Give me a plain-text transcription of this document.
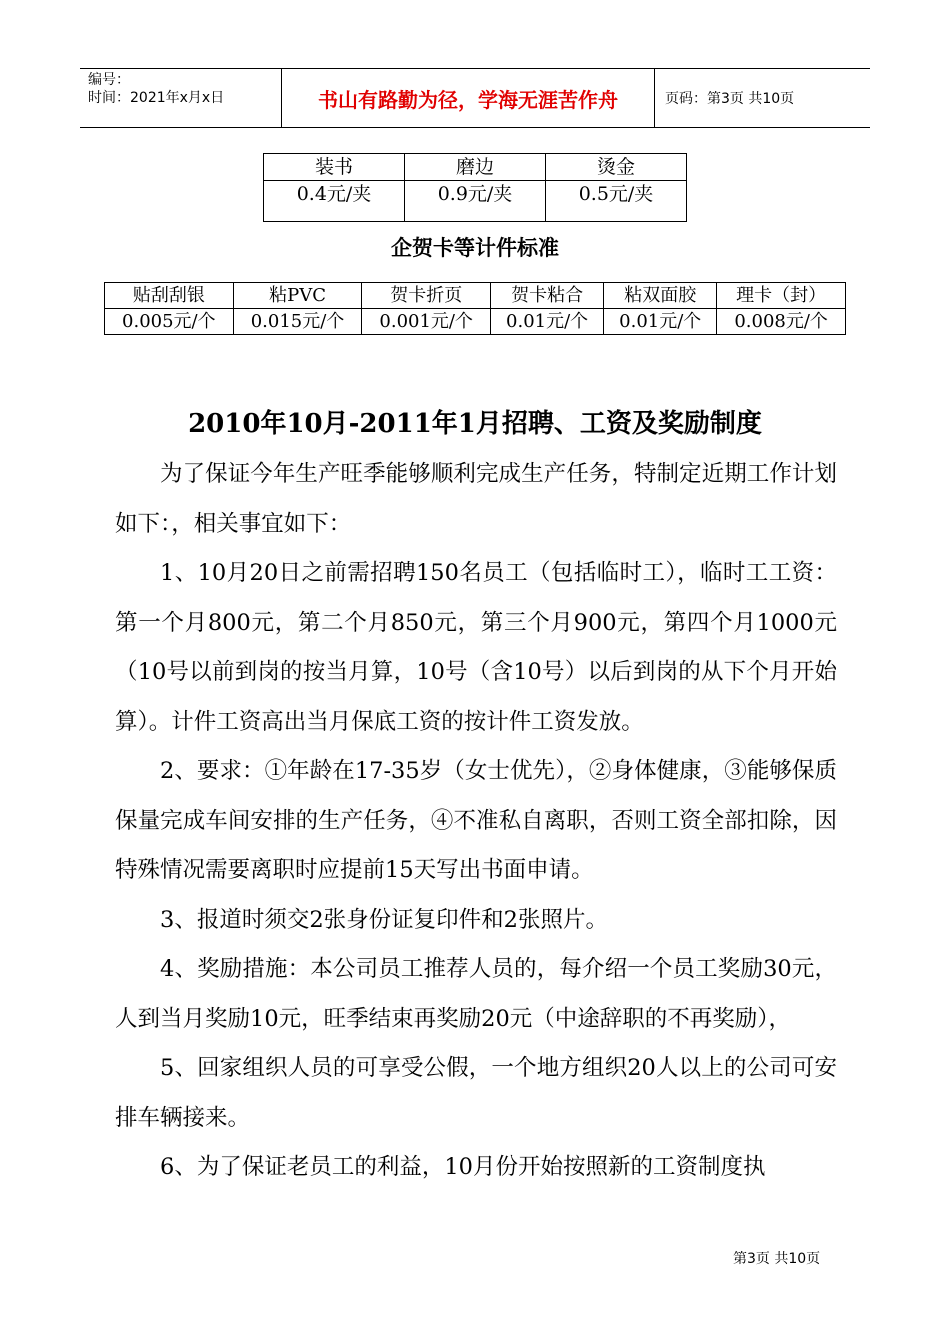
编号：
时间：2021年x月x日	书山有路勤为径，学海无涯苦作舟	页码：第3页 共10页
装书	磨边	烫金
0.4元/夹	0.9元/夹	0.5元/夹
企贺卡等计件标准
贴刮刮银	粘PVC	贺卡折页	贺卡粘合	粘双面胶	理卡（封）
0.005元/个	0.015元/个	0.001元/个	0.01元/个	0.01元/个	0.008元/个
2010年10月-2011年1月招聘、工资及奖励制度

为了保证今年生产旺季能够顺利完成生产任务，特制定近期工作计划如下：，相关事宜如下：

1、10月20日之前需招聘150名员工（包括临时工），临时工工资：第一个月800元，第二个月850元，第三个月900元，第四个月1000元（10号以前到岗的按当月算，10号（含10号）以后到岗的从下个月开始算）。计件工资高出当月保底工资的按计件工资发放。

2、要求：①年龄在17-35岁（女士优先），②身体健康，③能够保质保量完成车间安排的生产任务，④不准私自离职，否则工资全部扣除，因特殊情况需要离职时应提前15天写出书面申请。

3、报道时须交2张身份证复印件和2张照片。

4、奖励措施：本公司员工推荐人员的，每介绍一个员工奖励30元，人到当月奖励10元，旺季结束再奖励20元（中途辞职的不再奖励），

5、回家组织人员的可享受公假，一个地方组织20人以上的公司可安排车辆接来。

6、为了保证老员工的利益，10月份开始按照新的工资制度执

第3页 共10页
